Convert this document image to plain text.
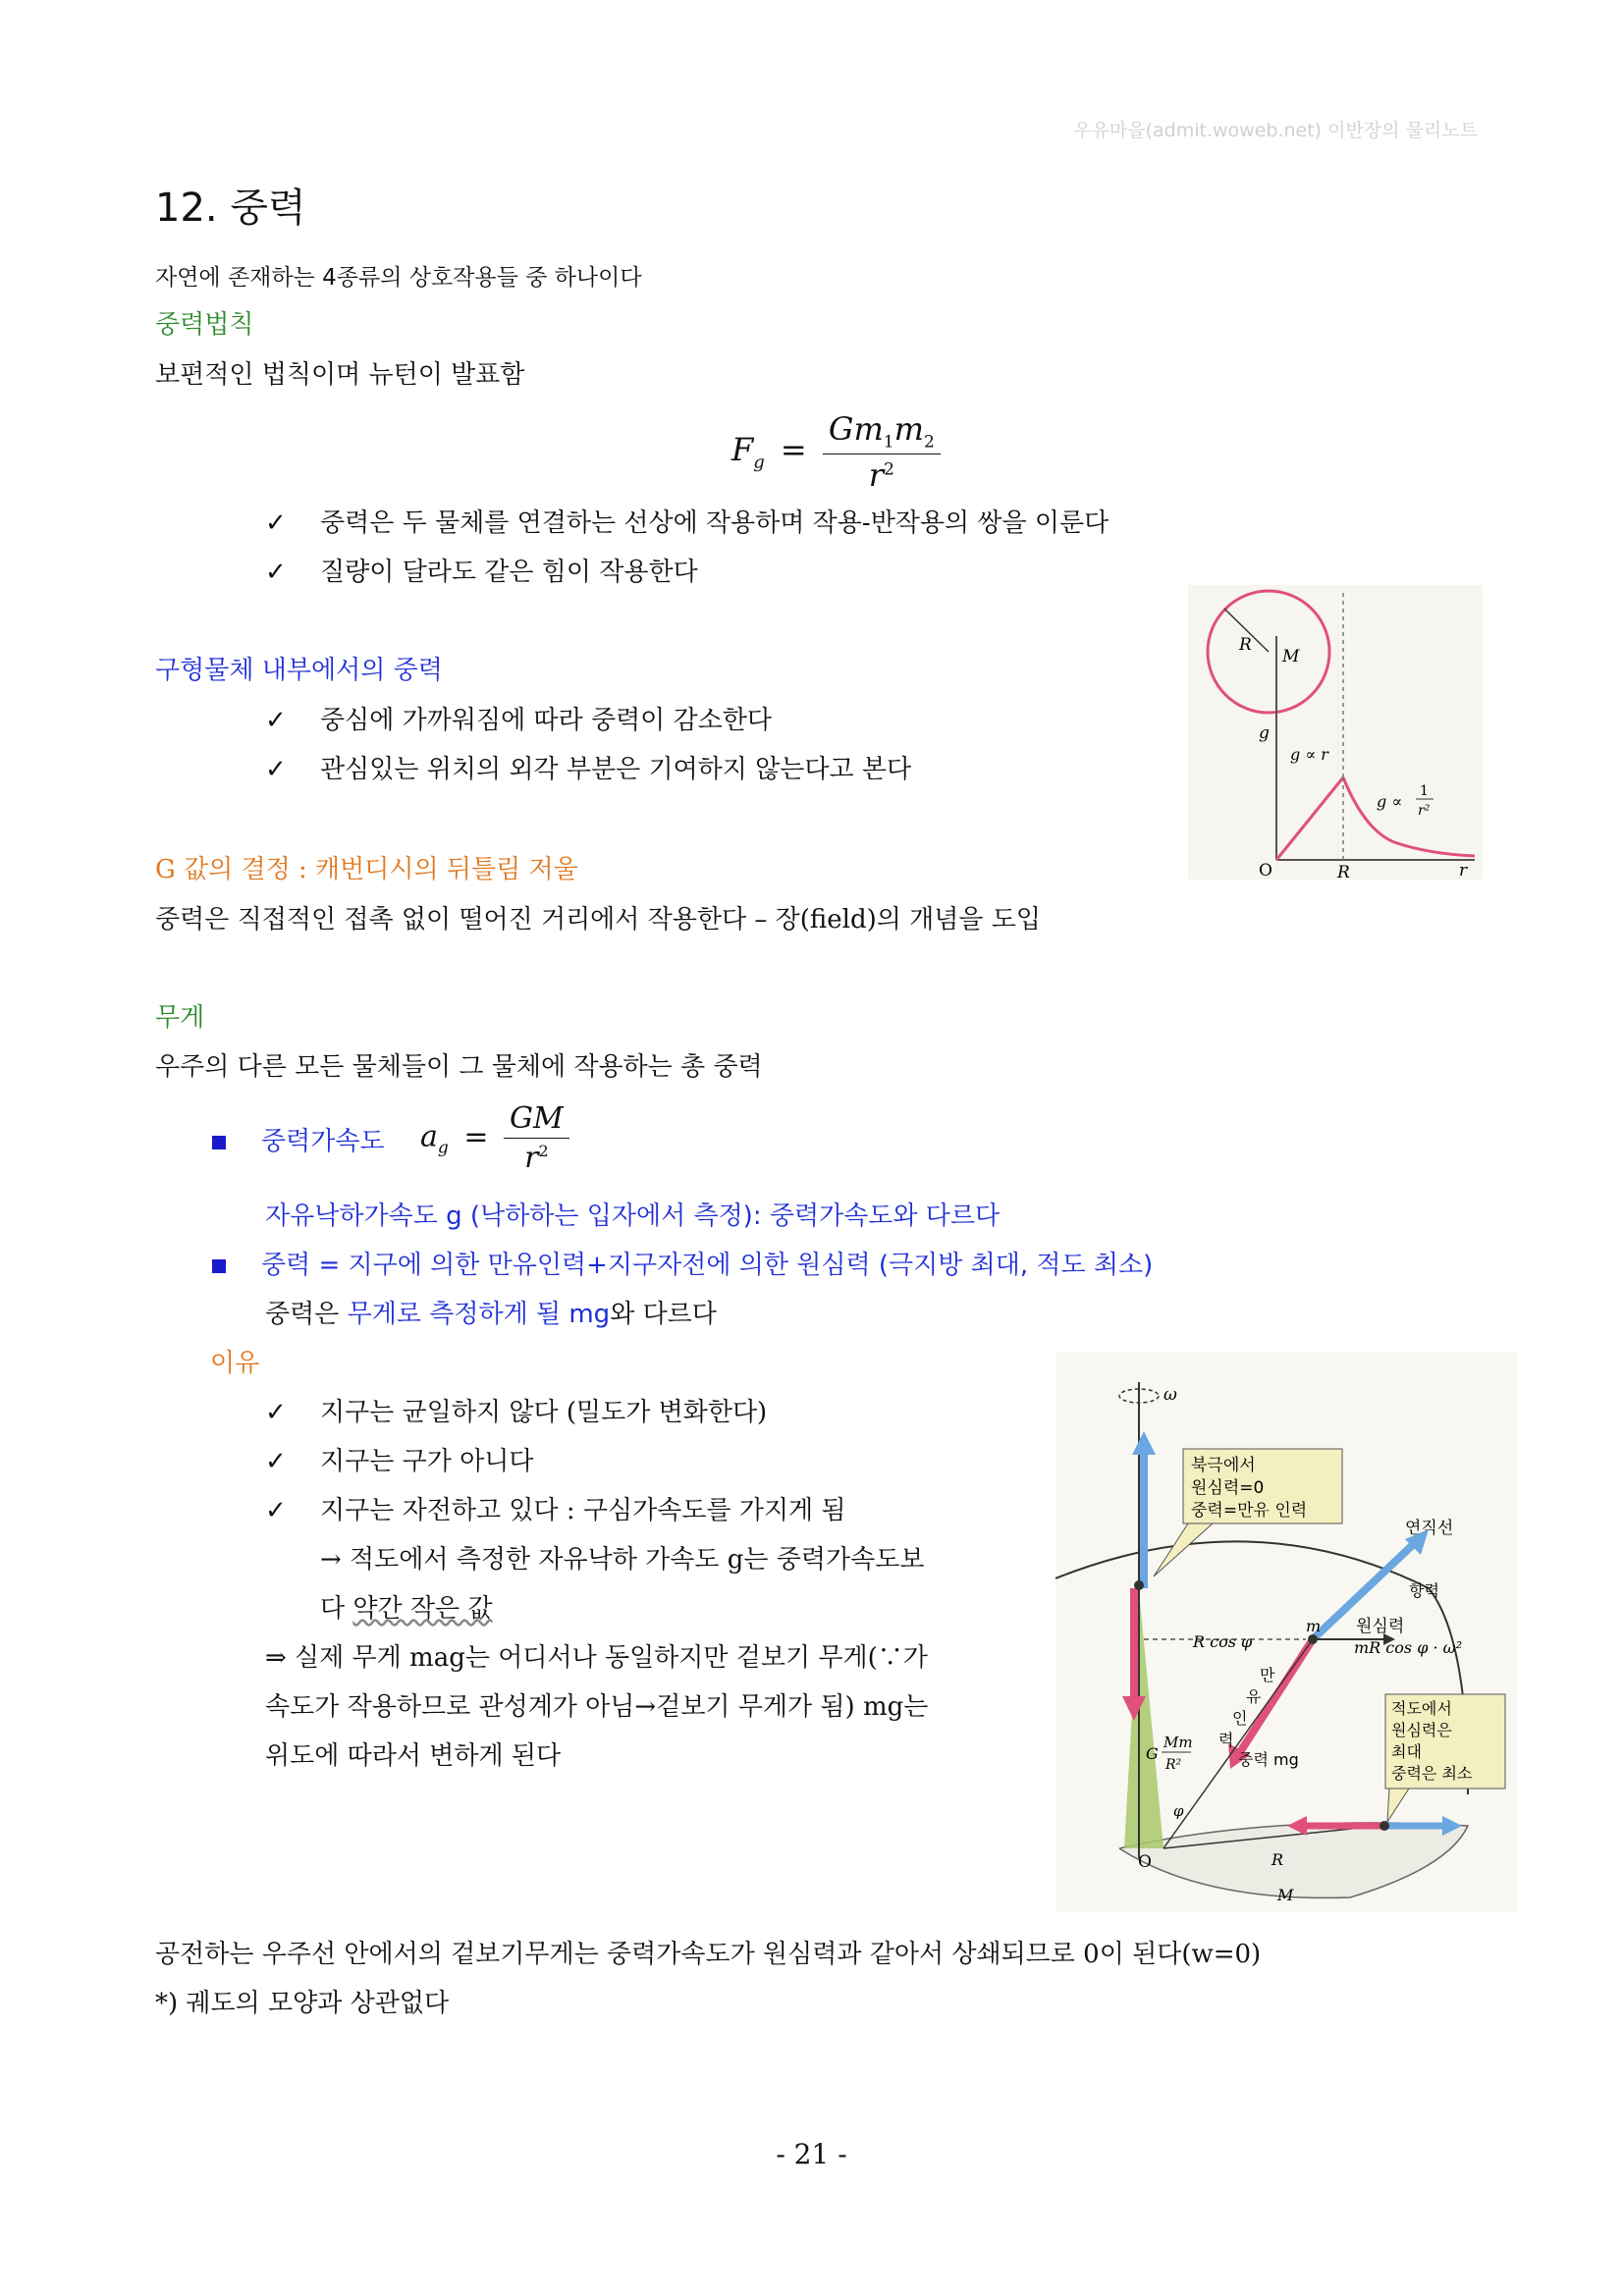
우유마을(admit.woweb.net) 이반장의 물리노트
12. 중력
자연에 존재하는 4종류의 상호작용들 중 하나이다
중력법칙
보편적인 법칙이며 뉴턴이 발표함
$F_g = \frac{Gm_1m_2}{r^2}$
✓ 중력은 두 물체를 연결하는 선상에 작용하며 작용-반작용의 쌍을 이룬다
✓ 질량이 달라도 같은 힘이 작용한다
구형물체 내부에서의 중력
✓ 중심에 가까워짐에 따라 중력이 감소한다
✓ 관심있는 위치의 외각 부분은 기여하지 않는다고 본다
R
M
g
g ∝ r
g ∝
1
r²
O	R	r
G 값의 결정 : 캐번디시의 뒤틀림 저울
중력은 직접적인 접촉 없이 떨어진 거리에서 작용한다 – 장(field)의 개념을 도입
무게
우주의 다른 모든 물체들이 그 물체에 작용하는 총 중력
중력가속도 $a_g = \frac{GM}{r^2}$
자유낙하가속도 g (낙하하는 입자에서 측정): 중력가속도와 다르다
중력 = 지구에 의한 만유인력+지구자전에 의한 원심력 (극지방 최대, 적도 최소)
중력은 무게로 측정하게 될 mg와 다르다
이유
✓ 지구는 균일하지 않다 (밀도가 변화한다)
✓ 지구는 구가 아니다
✓ 지구는 자전하고 있다 : 구심가속도를 가지게 됨
→ 적도에서 측정한 자유낙하 가속도 g는 중력가속도보
다 약간 작은 값
⇒ 실제 무게 mag는 어디서나 동일하지만 겉보기 무게(∵가
속도가 작용하므로 관성계가 아님→겉보기 무게가 됨) mg는
위도에 따라서 변하게 된다
ω
북극에서
원심력=0
중력=만유 인력
연직선
항력
m 원심력
mR cos φ · ω²
R cos φ
만
유
인
력
G
Mm
R²	중력 mg
φ
O	R
M
적도에서
원심력은
최대
중력은 최소
공전하는 우주선 안에서의 겉보기무게는 중력가속도가 원심력과 같아서 상쇄되므로 0이 된다(w=0)
*) 궤도의 모양과 상관없다
- 21 -
